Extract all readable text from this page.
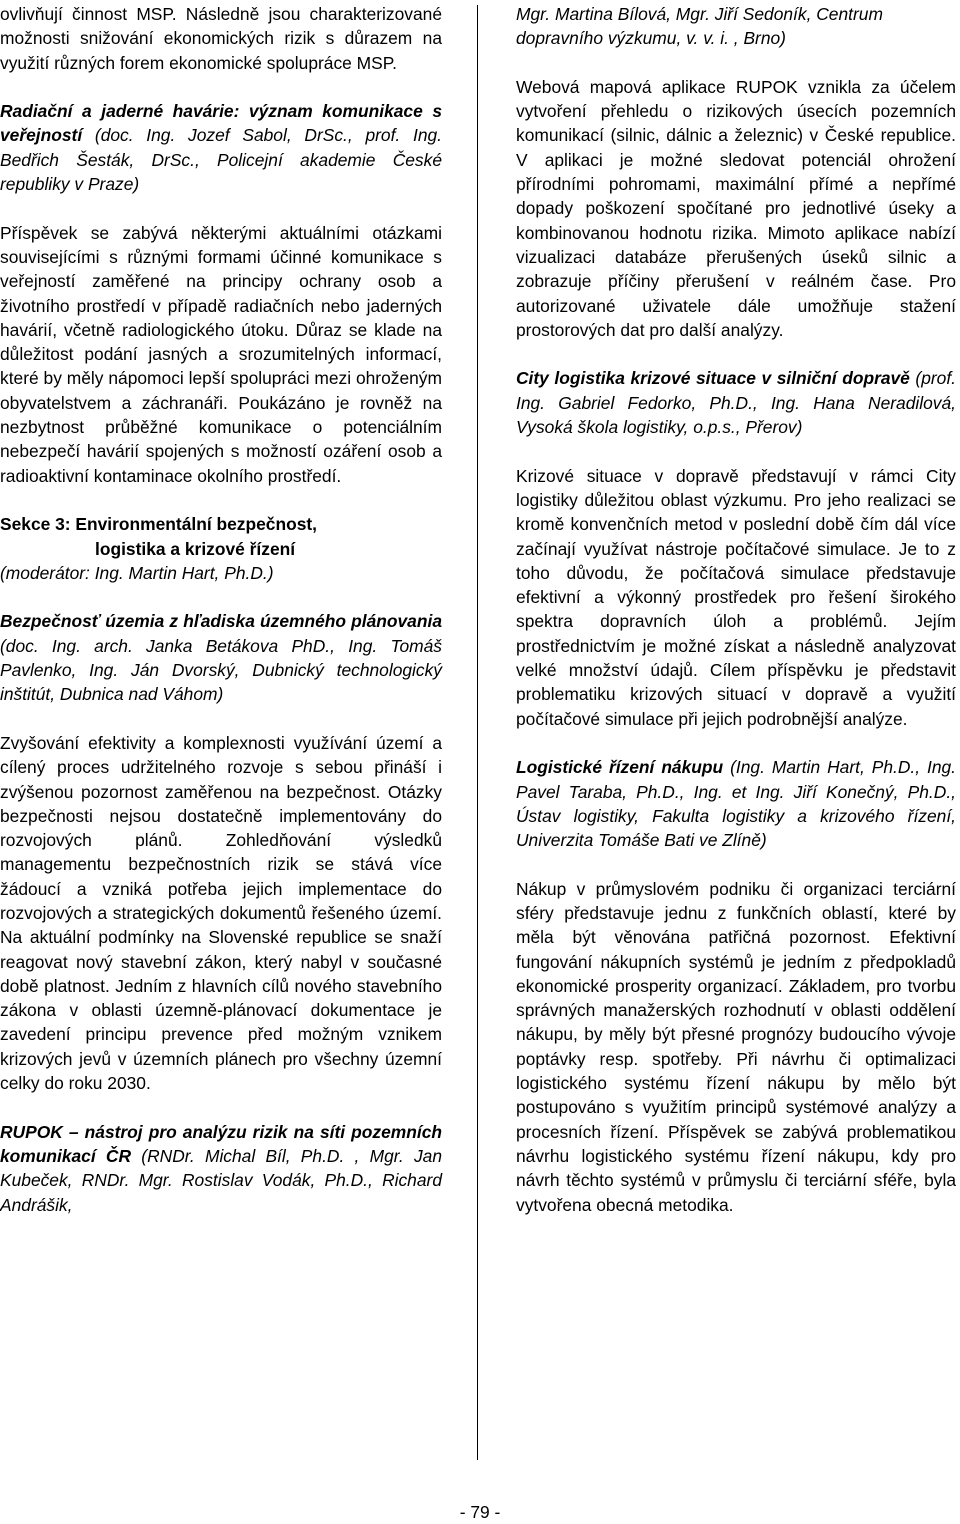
ovlivňují činnost MSP. Následně jsou charakterizované možnosti snižování ekonomických rizik s důrazem na využití různých forem ekonomické spolupráce MSP.

Radiační a jaderné havárie: význam komunikace s veřejností (doc. Ing. Jozef Sabol, DrSc., prof. Ing. Bedřich Šesták, DrSc., Policejní akademie České republiky v Praze)

Příspěvek se zabývá některými aktuálními otázkami souvisejícími s různými formami účinné komunikace s veřejností zaměřené na principy ochrany osob a životního prostředí v případě radiačních nebo jaderných havárií, včetně radiologického útoku. Důraz se klade na důležitost podání jasných a srozumitelných informací, které by měly nápomoci lepší spolupráci mezi ohroženým obyvatelstvem a záchranáři. Poukázáno je rovněž na nezbytnost průběžné komunikace o potenciálním nebezpečí havárií spojených s možností ozáření osob a radioaktivní kontaminace okolního prostředí.

Sekce 3: Environmentální bezpečnost,

logistika a krizové řízení

(moderátor: Ing. Martin Hart, Ph.D.)

Bezpečnosť územia z hľadiska územného plánovania (doc. Ing. arch. Janka Betákova PhD., Ing. Tomáš Pavlenko, Ing. Ján Dvorský, Dubnický technologický inštitút, Dubnica nad Váhom)

Zvyšování efektivity a komplexnosti využívání území a cílený proces udržitelného rozvoje s sebou přináší i zvýšenou pozornost zaměřenou na bezpečnost. Otázky bezpečnosti nejsou dostatečně implementovány do rozvojových plánů. Zohledňování výsledků managementu bezpečnostních rizik se stává více žádoucí a vzniká potřeba jejich implementace do rozvojových a strategických dokumentů řešeného území. Na aktuální podmínky na Slovenské republice se snaží reagovat nový stavební zákon, který nabyl v současné době platnost. Jedním z hlavních cílů nového stavebního zákona v oblasti územně-plánovací dokumentace je zavedení principu prevence před možným vznikem krizových jevů v územních plánech pro všechny územní celky do roku 2030.

RUPOK – nástroj pro analýzu rizik na síti pozemních komunikací ČR (RNDr. Michal Bíl, Ph.D. , Mgr. Jan Kubeček, RNDr. Mgr. Rostislav Vodák, Ph.D., Richard Andrášik,

Mgr. Martina Bílová, Mgr. Jiří Sedoník, Centrum dopravního výzkumu, v. v. i. , Brno)

Webová mapová aplikace RUPOK vznikla za účelem vytvoření přehledu o rizikových úsecích pozemních komunikací (silnic, dálnic a železnic) v České republice. V aplikaci je možné sledovat potenciál ohrožení přírodními pohromami, maximální přímé a nepřímé dopady poškození spočítané pro jednotlivé úseky a kombinovanou hodnotu rizika. Mimoto aplikace nabízí vizualizaci databáze přerušených úseků silnic a zobrazuje příčiny přerušení v reálném čase. Pro autorizované uživatele dále umožňuje stažení prostorových dat pro další analýzy.

City logistika krizové situace v silniční dopravě (prof. Ing. Gabriel Fedorko, Ph.D., Ing. Hana Neradilová, Vysoká škola logistiky, o.p.s., Přerov)

Krizové situace v dopravě představují v rámci City logistiky důležitou oblast výzkumu. Pro jeho realizaci se kromě konvenčních metod v poslední době čím dál více začínají využívat nástroje počítačové simulace. Je to z toho důvodu, že počítačová simulace představuje efektivní a výkonný prostředek pro řešení širokého spektra dopravních úloh a problémů. Jejím prostřednictvím je možné získat a následně analyzovat velké množství údajů. Cílem příspěvku je představit problematiku krizových situací v dopravě a využití počítačové simulace při jejich podrobnější analýze.

Logistické řízení nákupu (Ing. Martin Hart, Ph.D., Ing. Pavel Taraba, Ph.D., Ing. et Ing. Jiří Konečný, Ph.D., Ústav logistiky, Fakulta logistiky a krizového řízení, Univerzita Tomáše Bati ve Zlíně)

Nákup v průmyslovém podniku či organizaci terciární sféry představuje jednu z funkčních oblastí, které by měla být věnována patřičná pozornost. Efektivní fungování nákupních systémů je jedním z předpokladů ekonomické prosperity organizací. Základem, pro tvorbu správných manažerských rozhodnutí v oblasti oddělení nákupu, by měly být přesné prognózy budoucího vývoje poptávky resp. spotřeby. Při návrhu či optimalizaci logistického systému řízení nákupu by mělo být postupováno s využitím principů systémové analýzy a procesních řízení. Příspěvek se zabývá problematikou návrhu logistického systému řízení nákupu, kdy pro návrh těchto systémů v průmyslu či terciární sféře, byla vytvořena obecná metodika.

- 79 -
